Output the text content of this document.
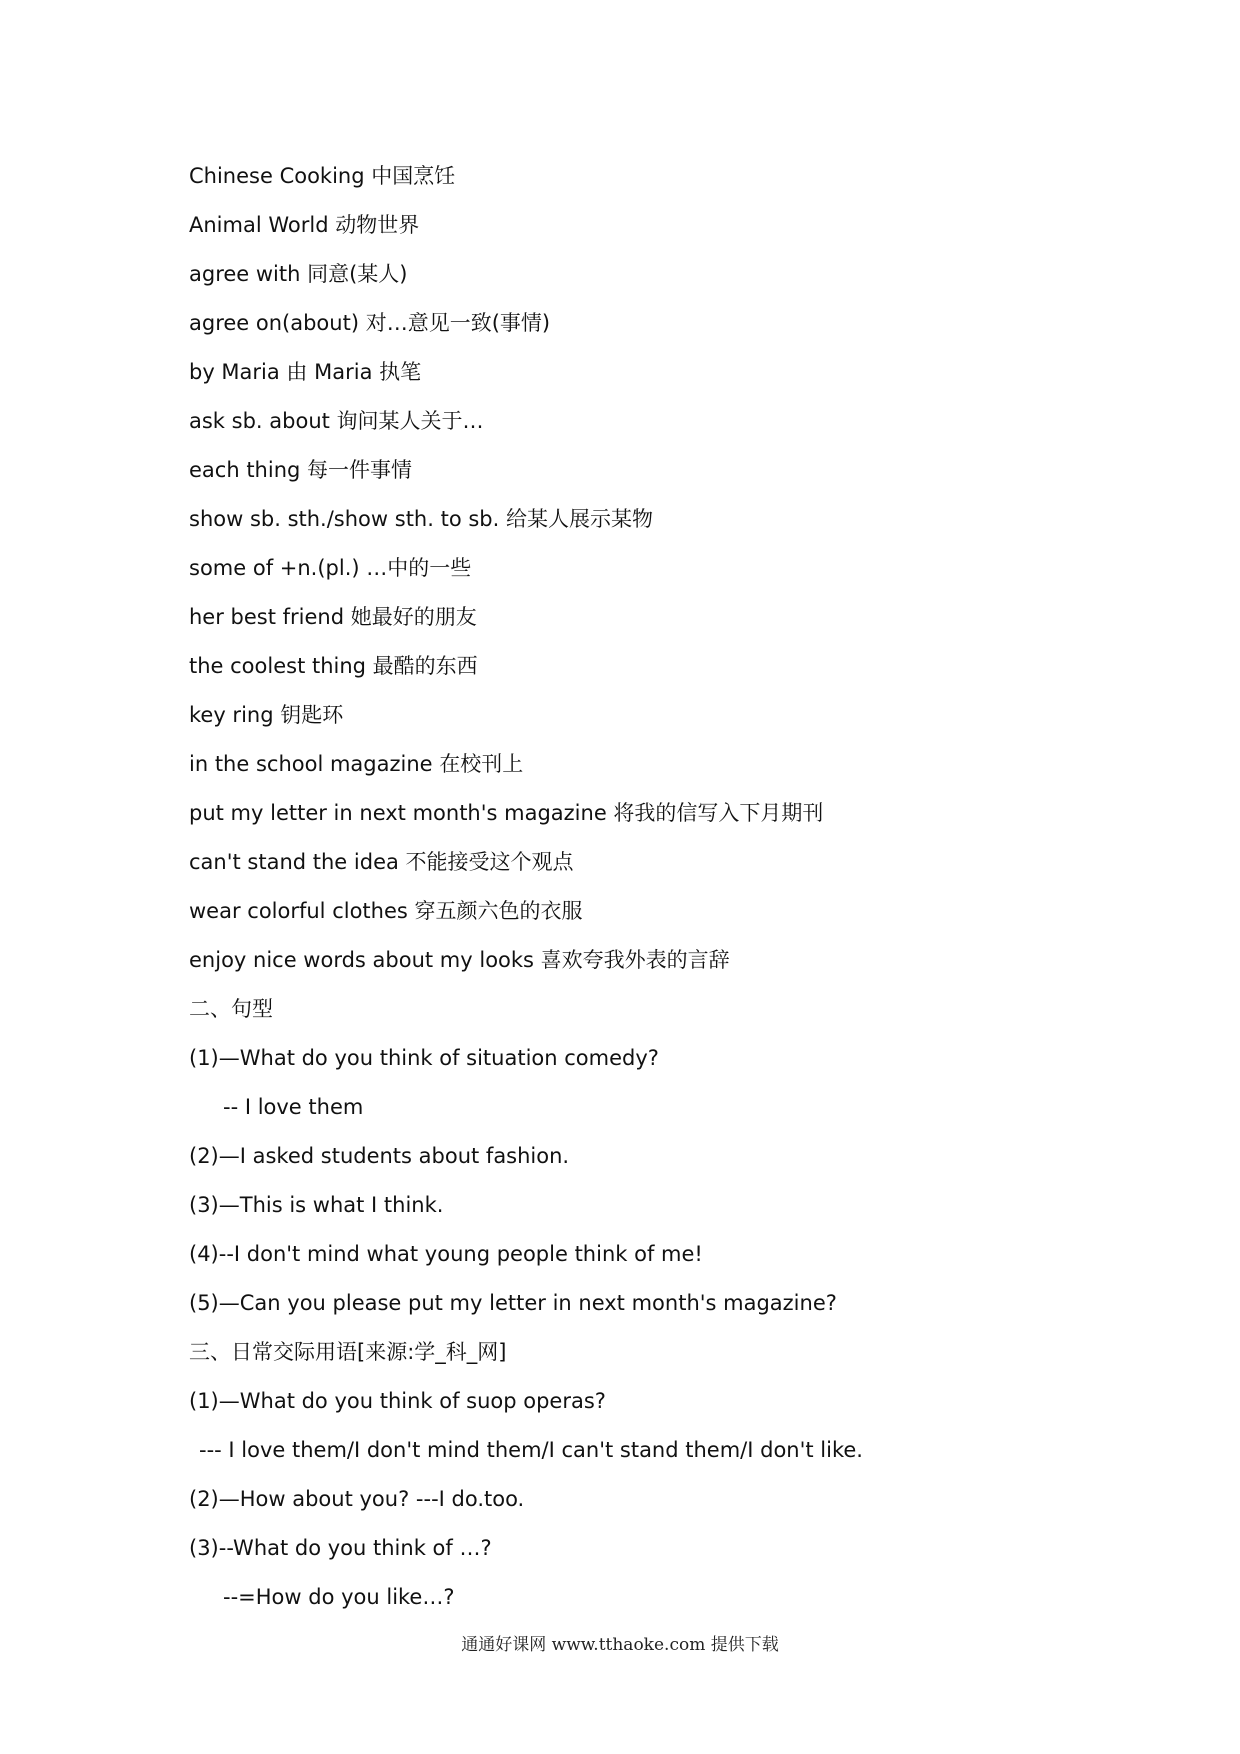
Chinese Cooking 中国烹饪
Animal World 动物世界
agree with 同意(某人)
agree on(about) 对…意见一致(事情)
by Maria 由 Maria 执笔
ask sb. about 询问某人关于…
each thing 每一件事情
show sb. sth./show sth. to sb. 给某人展示某物
some of +n.(pl.) …中的一些
her best friend 她最好的朋友
the coolest thing 最酷的东西
key ring 钥匙环
in the school magazine 在校刊上
put my letter in next month's magazine 将我的信写入下月期刊
can't stand the idea 不能接受这个观点
wear colorful clothes 穿五颜六色的衣服
enjoy nice words about my looks 喜欢夸我外表的言辞
二、句型
(1)—What do you think of situation comedy?
-- I love them
(2)—I asked students about fashion.
(3)—This is what I think.
(4)--I don't mind what young people think of me!
(5)—Can you please put my letter in next month's magazine?
三、日常交际用语[来源:学_科_网]
(1)—What do you think of suop operas?
--- I love them/I don't mind them/I can't stand them/I don't like.
(2)—How about you? ---I do.too.
(3)--What do you think of …?
--=How do you like…?
通通好课网 www.tthaoke.com 提供下载
